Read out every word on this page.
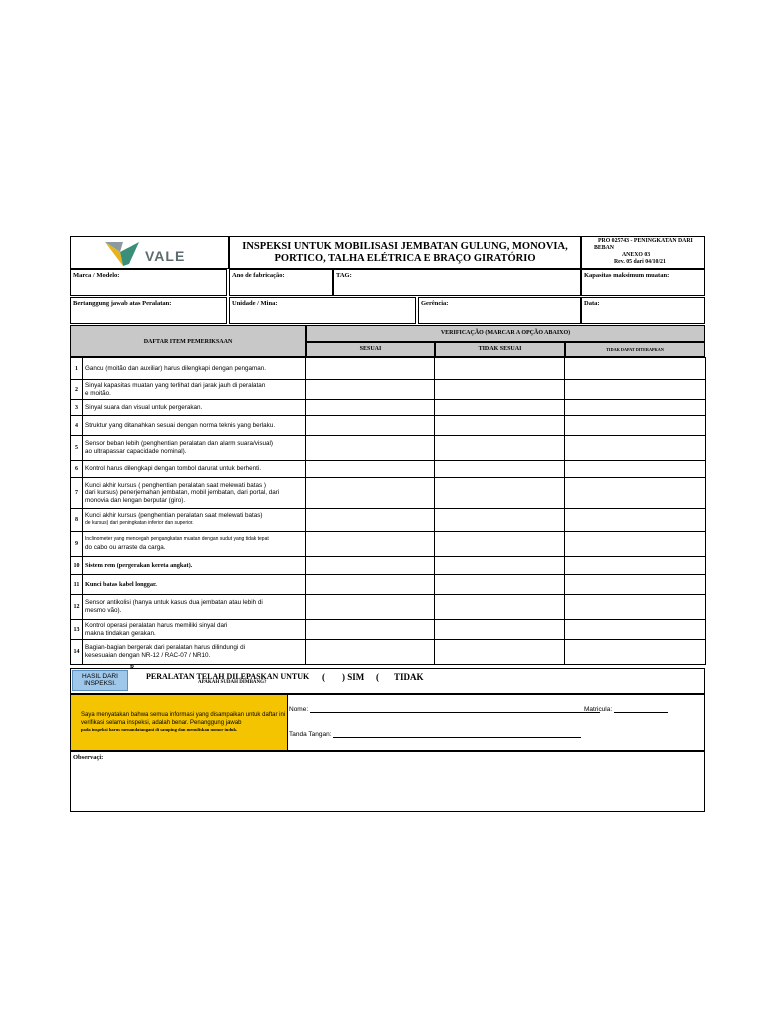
VALE
INSPEKSI UNTUK MOBILISASI JEMBATAN GULUNG, MONOVIA,
PORTICO, TALHA ELÉTRICA E BRAÇO GIRATÓRIO
PRO 025743 - PENINGKATAN DARI
BEBAN
ANEXO 03
Rev. 05 dari 04/10/21
Marca / Modelo:	Ano de fabricação:	TAG:	Kapasitas maksimum muatan:
Bertanggung jawab atas Peralatan:	Unidade / Mina:	Gerência:	Data:
DAFTAR ITEM PEMERIKSAAN
VERIFICAÇÃO (MARCAR A OPÇÃO ABAIXO)
SESUAI	TIDAK SESUAI	TIDAK DAPAT DITERAPKAN
1	Gancu (moitão dan auxiliar) harus dilengkapi dengan pengaman.			

2	Sinyal kapasitas muatan yang terlihat dari jarak jauh di peralatan
e moitão.			

3	Sinyal suara dan visual untuk pergerakan.			

4	Struktur yang ditanahkan sesuai dengan norma teknis yang berlaku.			

5	Sensor beban lebih (penghentian peralatan dan alarm suara/visual)
ao ultrapassar capacidade nominal).			

6	Kontrol harus dilengkapi dengan tombol darurat untuk berhenti.			

7	Kunci akhir kursus ( penghentian peralatan saat melewati batas )
dari kursus) penerjemahan jembatan, mobil jembatan, dari portal, dari
monovia dan lengan berputar (giro).			

8	Kunci akhir kursus (penghentian peralatan saat melewati batas)
de kursus) dari peningkatan inferior dan superior.			

9	Inclinometer yang mencegah pengangkatan muatan dengan sudut yang tidak tepat
do cabo ou arraste da carga.			

10	Sistem rem (pergerakan kereta angkat).			

11	Kunci batas kabel longgar.			

12	Sensor antikolisi (hanya untuk kasus dua jembatan atau lebih di
mesmo vão).			

13	Kontrol operasi peralatan harus memiliki sinyal dari
makna tindakan gerakan.			

14	Bagian-bagian bergerak dari peralatan harus dilindungi di
kesesuaian dengan NR-12 / RAC-07 / NR10.			

HASIL DARI
INSPEKSI.
R
PERALATAN TELAH DILEPASKAN UNTUK
APAKAH SUDAH DIMBANG?
( ) SIM ( TIDAK
Saya menyatakan bahwa semua informasi yang disampaikan untuk daftar ini
verifikasi selama inspeksi, adalah benar. Penanggung jawab
pada inspeksi harus menandatangani di samping dan menuliskan nomor induk.
Nome:	Matricula:
Tanda Tangan:
Observaçi:
